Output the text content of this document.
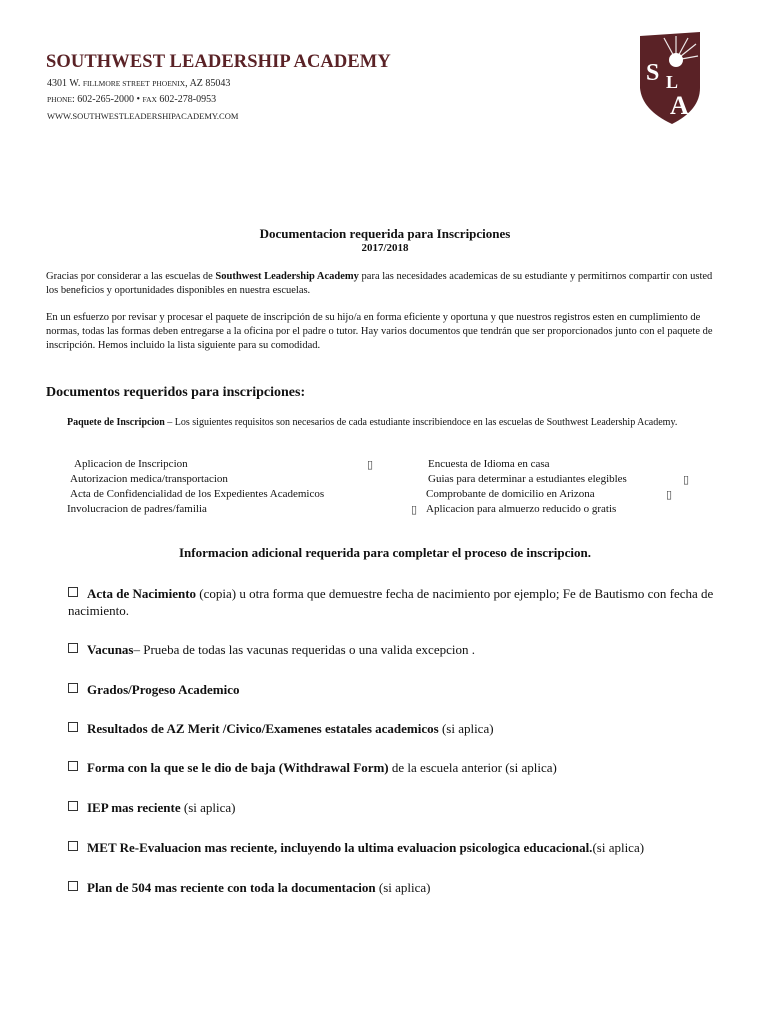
SOUTHWEST LEADERSHIP ACADEMY
4301 W. FILLMORE STREET PHOENIX, AZ 85043
PHONE: 602-265-2000 • FAX 602-278-0953
WWW.SOUTHWESTLEADERSHIPACADEMY.COM
S L
A
Documentacion requerida para Inscripciones
2017/2018
Gracias por considerar a las escuelas de Southwest Leadership Academy para las necesidades academicas de su estudiante y permitirnos compartir con usted los beneficios y oportunidades disponibles en nuestra escuelas.
En un esfuerzo por revisar y procesar el paquete de inscripción de su hijo/a en forma eficiente y oportuna y que nuestros registros esten en cumplimiento de normas, todas las formas deben entregarse a la oficina por el padre o tutor. Hay varios documentos que tendrán que ser proporcionados junto con el paquete de inscripción. Hemos incluido la lista siguiente para su comodidad.
Documentos requeridos para inscripciones:
Paquete de Inscripcion – Los siguientes requisitos son necesarios de cada estudiante inscribiendoce en las escuelas de Southwest Leadership Academy.
Aplicacion de Inscripcion
Autorizacion medica/transportacion
Acta de Confidencialidad de los Expedientes Academicos
Involucracion de padres/familia
▯
▯
▯
▯
Encuesta de Idioma en casa
Guias para determinar a estudiantes elegibles
Comprobante de domicilio en Arizona
Aplicacion para almuerzo reducido o gratis
Informacion adicional requerida para completar el proceso de inscripcion.
Acta de Nacimiento (copia) u otra forma que demuestre fecha de nacimiento por ejemplo; Fe de Bautismo con fecha de nacimiento.
Vacunas– Prueba de todas las vacunas requeridas o una valida excepcion .
Grados/Progeso Academico
Resultados de AZ Merit /Civico/Examenes estatales academicos (si aplica)
Forma con la que se le dio de baja (Withdrawal Form) de la escuela anterior (si aplica)
IEP mas reciente (si aplica)
MET Re-Evaluacion mas reciente, incluyendo la ultima evaluacion psicologica educacional.(si aplica)
Plan de 504 mas reciente con toda la documentacion (si aplica)
